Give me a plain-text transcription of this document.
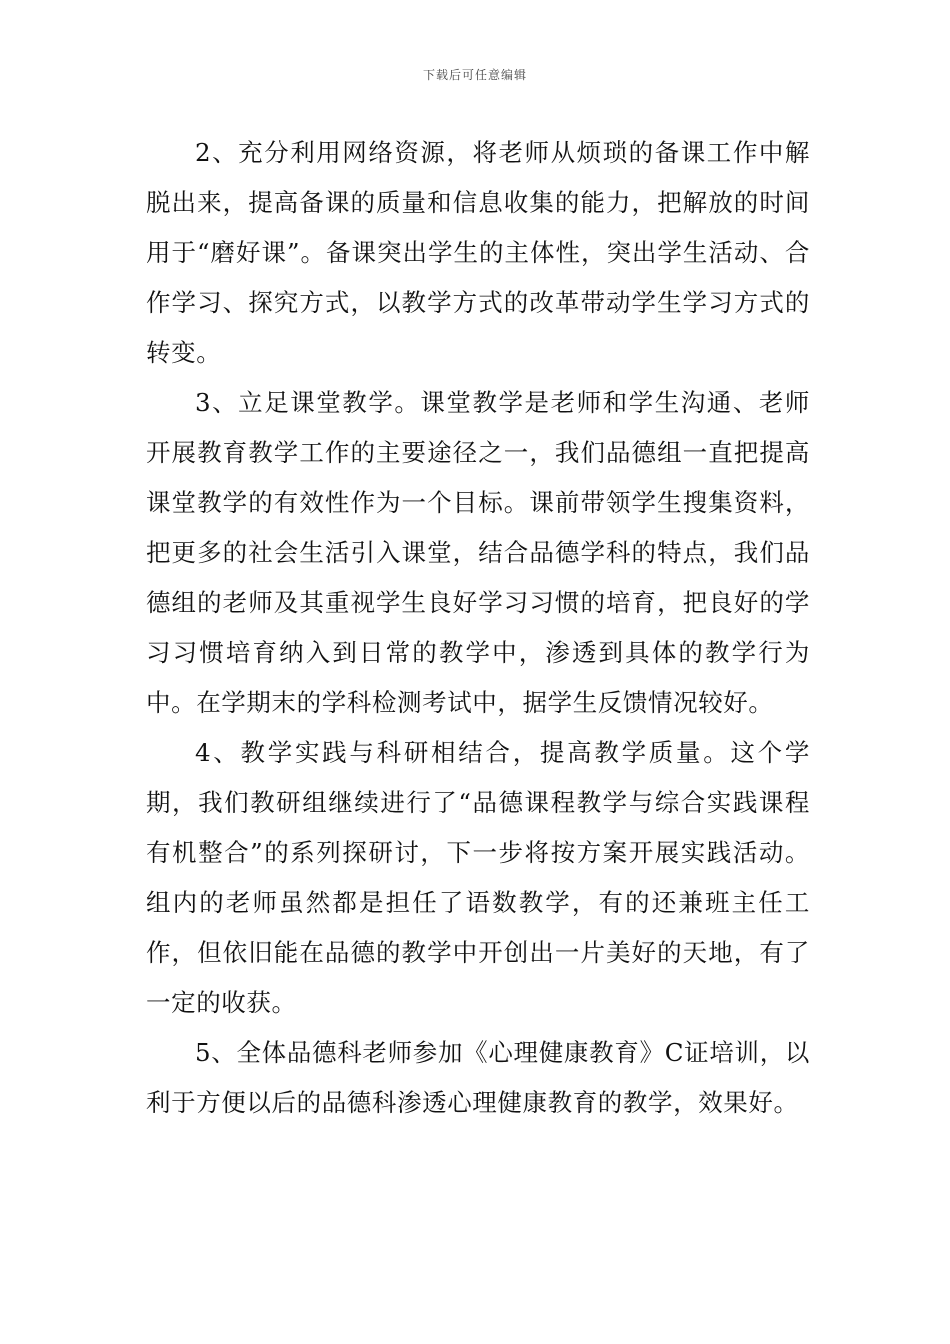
下载后可任意编辑

2、充分利用网络资源，将老师从烦琐的备课工作中解脱出来，提高备课的质量和信息收集的能力，把解放的时间用于“磨好课”。备课突出学生的主体性，突出学生活动、合作学习、探究方式，以教学方式的改革带动学生学习方式的转变。

3、立足课堂教学。课堂教学是老师和学生沟通、老师开展教育教学工作的主要途径之一，我们品德组一直把提高课堂教学的有效性作为一个目标。课前带领学生搜集资料，把更多的社会生活引入课堂，结合品德学科的特点，我们品德组的老师及其重视学生良好学习习惯的培育，把良好的学习习惯培育纳入到日常的教学中，渗透到具体的教学行为中。在学期末的学科检测考试中，据学生反馈情况较好。

4、教学实践与科研相结合，提高教学质量。这个学期，我们教研组继续进行了“品德课程教学与综合实践课程有机整合”的系列探研讨，下一步将按方案开展实践活动。组内的老师虽然都是担任了语数教学，有的还兼班主任工作，但依旧能在品德的教学中开创出一片美好的天地，有了一定的收获。

5、全体品德科老师参加《心理健康教育》C证培训，以利于方便以后的品德科渗透心理健康教育的教学，效果好。
